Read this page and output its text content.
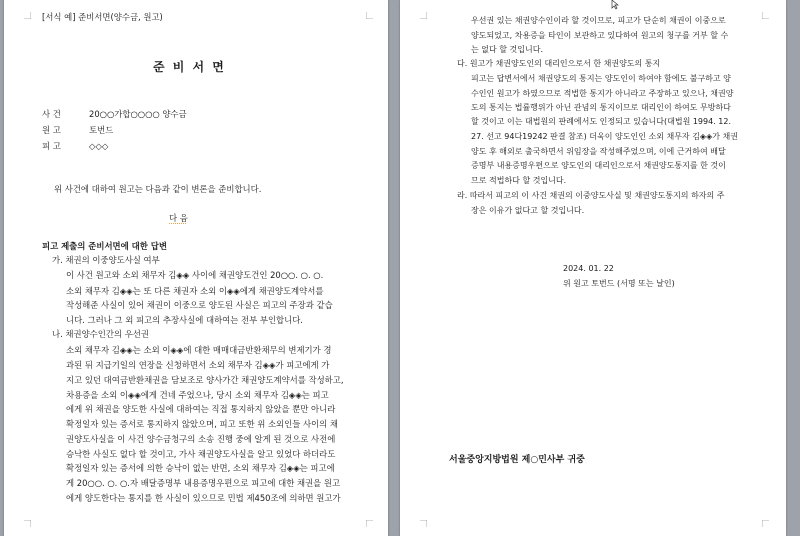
[서식 예] 준비서면(양수금, 원고)
준 비 서 면
사 건	20○○가합○○○○ 양수금
원 고	토번드
피 고	◇◇◇
위 사건에 대하여 원고는 다음과 같이 변론을 준비합니다.
다 음
피고 제출의 준비서면에 대한 답변
가. 채권의 이중양도사실 여부
이 사건 원고와 소외 채무자 김◈◈ 사이에 채권양도건인 20○○. ○. ○.
소외 채무자 김◈◈는 또 다른 채권자 소외 이◈◈에게 채권양도계약서를
작성해준 사실이 있어 채권이 이중으로 양도된 사실은 피고의 주장과 같습
니다. 그러나 그 외 피고의 추장사실에 대하여는 전부 부인합니다.
나. 채권양수인간의 우선권
소외 채무자 김◈◈는 소외 이◈◈에 대한 매매대금반환채무의 변제기가 경
과된 뒤 지급기일의 연장을 신청하면서 소외 채무자 김◈◈가 피고에게 가
지고 있던 대여금반환채권을 담보조로 양사가간 채권양도계약서를 작성하고,
차용증을 소외 이◈◈에게 건네 주었으나, 당시 소외 채무자 김◈◈는 피고
에게 위 채권을 양도한 사실에 대하여는 직접 통지하지 않았을 뿐만 아니라
확정일자 있는 증서로 통지하지 않았으며, 피고 또한 위 소외인들 사이의 채
권양도사실을 이 사건 양수금청구의 소송 진행 중에 알게 된 것으로 사전에
승낙한 사실도 없다 할 것이고, 가사 채권양도사실을 알고 있었다 하더라도
확정일자 있는 증서에 의한 승낙이 없는 반면, 소외 채무자 김◈◈는 피고에
게 20○○. ○. ○.자 배달증명부 내용증명우편으로 피고에 대한 채권을 원고
에게 양도한다는 통지를 한 사실이 있으므로 민법 제450조에 의하면 원고가
우선권 있는 채권양수인이라 할 것이므로, 피고가 단순히 채권이 이중으로
양도되었고, 차용증을 타인이 보관하고 있다하여 원고의 청구를 거부 할 수
는 없다 할 것입니다.
다. 원고가 채권양도인의 대리인으로서 한 채권양도의 통지
피고는 답변서에서 채권양도의 통지는 양도인이 하여야 함에도 불구하고 양
수인인 원고가 하였으므로 적법한 통지가 아니라고 주장하고 있으나, 채권양
도의 통지는 법률행위가 아닌 관념의 통지이므로 대리인이 하여도 무방하다
할 것이고 이는 대법원의 판례에서도 인정되고 있습니다(대법원 1994. 12.
27. 선고 94다19242 판결 참조) 더욱이 양도인인 소외 채무자 김◈◈가 채권
양도 후 해외로 출국하면서 위임장을 작성해주었으며, 이에 근거하여 배달
증명부 내용증명우편으로 양도인의 대리인으로서 채권양도통지를 한 것이
므로 적법하다 할 것입니다.
라. 따라서 피고의 이 사건 채권의 이중양도사실 및 채권양도통지의 하자의 주
장은 이유가 없다고 할 것입니다.
2024. 01. 22
위 원고 토번드 (서명 또는 날인)
서울중앙지방법원 제○민사부 귀중
